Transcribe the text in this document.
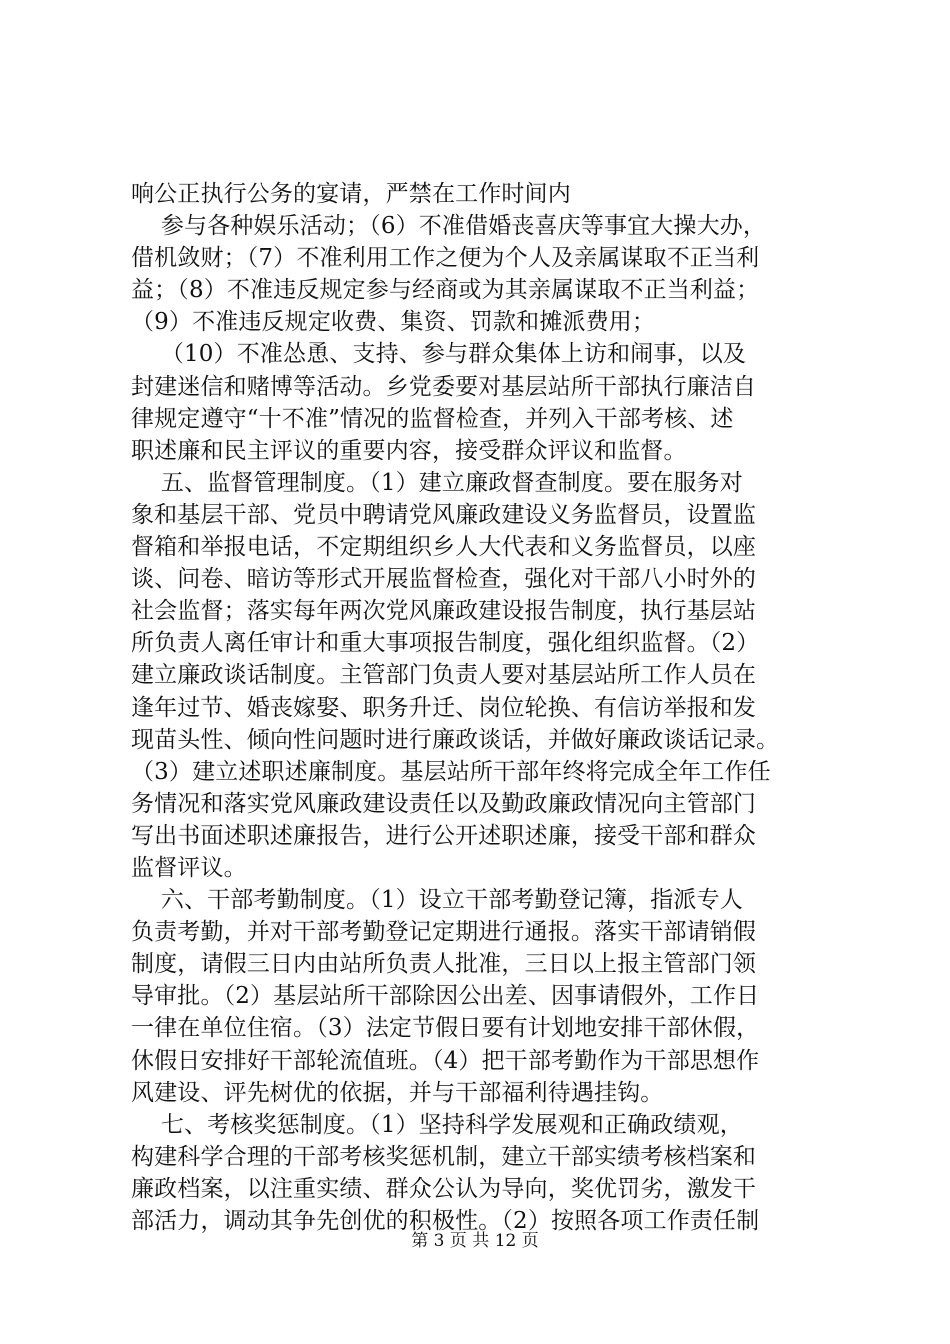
响公正执行公务的宴请，严禁在工作时间内
参与各种娱乐活动；（6）不准借婚丧喜庆等事宜大操大办，
借机敛财；（7）不准利用工作之便为个人及亲属谋取不正当利
益；（8）不准违反规定参与经商或为其亲属谋取不正当利益；
（9）不准违反规定收费、集资、罚款和摊派费用；
（10）不准怂恿、支持、参与群众集体上访和闹事，以及
封建迷信和赌博等活动。乡党委要对基层站所干部执行廉洁自
律规定遵守“十不准”情况的监督检查，并列入干部考核、述
职述廉和民主评议的重要内容，接受群众评议和监督。
五、监督管理制度。（1）建立廉政督查制度。要在服务对
象和基层干部、党员中聘请党风廉政建设义务监督员，设置监
督箱和举报电话，不定期组织乡人大代表和义务监督员，以座
谈、问卷、暗访等形式开展监督检查，强化对干部八小时外的
社会监督；落实每年两次党风廉政建设报告制度，执行基层站
所负责人离任审计和重大事项报告制度，强化组织监督。（2）
建立廉政谈话制度。主管部门负责人要对基层站所工作人员在
逢年过节、婚丧嫁娶、职务升迁、岗位轮换、有信访举报和发
现苗头性、倾向性问题时进行廉政谈话，并做好廉政谈话记录。
（3）建立述职述廉制度。基层站所干部年终将完成全年工作任
务情况和落实党风廉政建设责任以及勤政廉政情况向主管部门
写出书面述职述廉报告，进行公开述职述廉，接受干部和群众
监督评议。
六、干部考勤制度。（1）设立干部考勤登记簿，指派专人
负责考勤，并对干部考勤登记定期进行通报。落实干部请销假
制度，请假三日内由站所负责人批准，三日以上报主管部门领
导审批。（2）基层站所干部除因公出差、因事请假外，工作日
一律在单位住宿。（3）法定节假日要有计划地安排干部休假，
休假日安排好干部轮流值班。（4）把干部考勤作为干部思想作
风建设、评先树优的依据，并与干部福利待遇挂钩。
七、考核奖惩制度。（1）坚持科学发展观和正确政绩观，
构建科学合理的干部考核奖惩机制，建立干部实绩考核档案和
廉政档案，以注重实绩、群众公认为导向，奖优罚劣，激发干
部活力，调动其争先创优的积极性。（2）按照各项工作责任制
第 3 页 共 12 页
